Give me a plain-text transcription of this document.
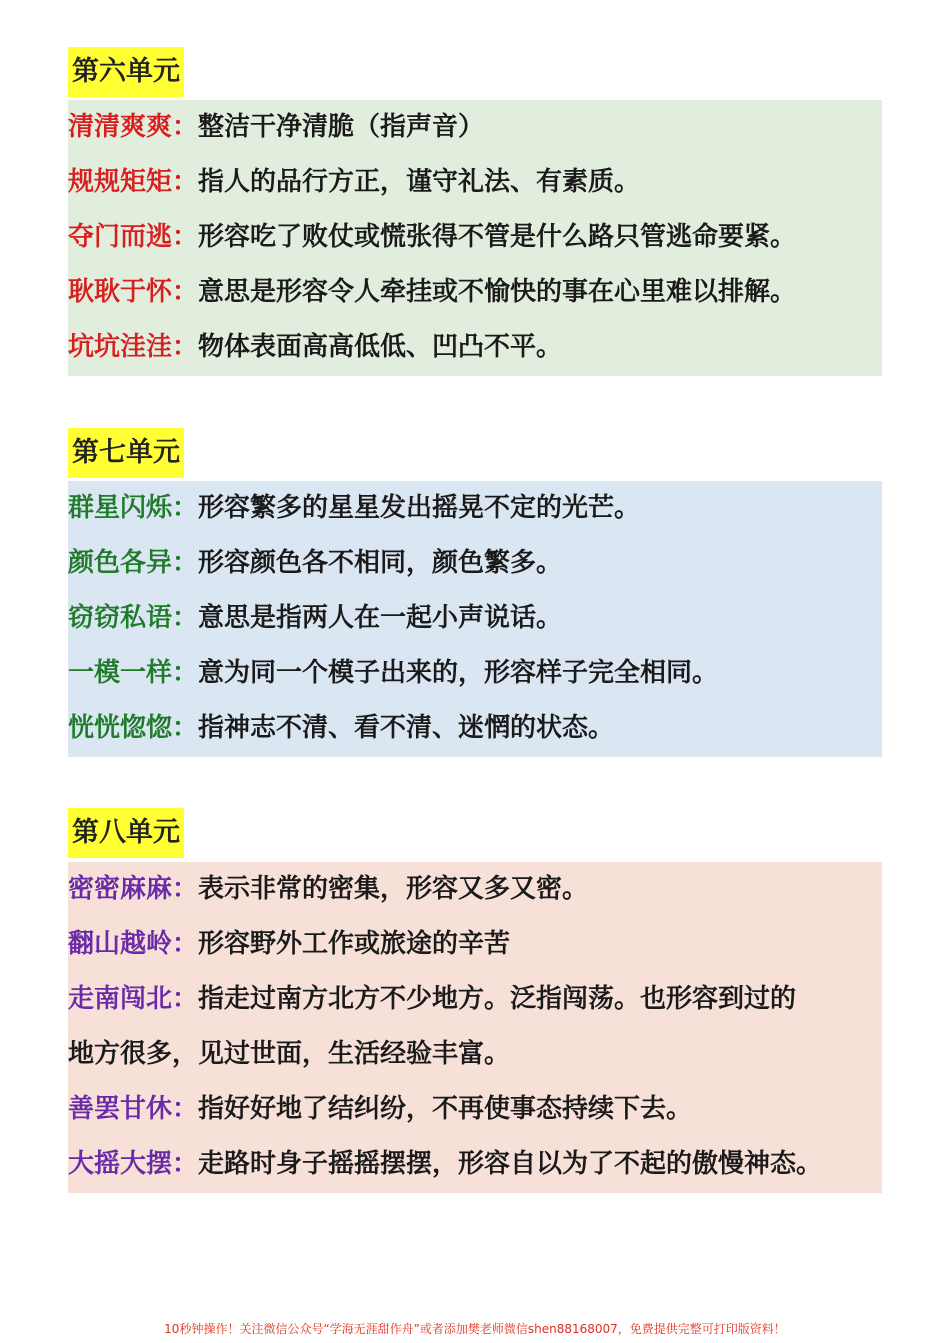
第六单元
清清爽爽：整洁干净清脆（指声音）
规规矩矩：指人的品行方正，谨守礼法、有素质。
夺门而逃：形容吃了败仗或慌张得不管是什么路只管逃命要紧。
耿耿于怀：意思是形容令人牵挂或不愉快的事在心里难以排解。
坑坑洼洼：物体表面高高低低、凹凸不平。
第七单元
群星闪烁：形容繁多的星星发出摇晃不定的光芒。
颜色各异：形容颜色各不相同，颜色繁多。
窃窃私语：意思是指两人在一起小声说话。
一模一样：意为同一个模子出来的，形容样子完全相同。
恍恍惚惚：指神志不清、看不清、迷惘的状态。
第八单元
密密麻麻：表示非常的密集，形容又多又密。
翻山越岭：形容野外工作或旅途的辛苦
走南闯北：指走过南方北方不少地方。泛指闯荡。也形容到过的
地方很多，见过世面，生活经验丰富。
善罢甘休：指好好地了结纠纷，不再使事态持续下去。
大摇大摆：走路时身子摇摇摆摆，形容自以为了不起的傲慢神态。
10秒钟操作！关注微信公众号“学海无涯甜作舟”或者添加樊老师微信shen88168007，免费提供完整可打印版资料！
